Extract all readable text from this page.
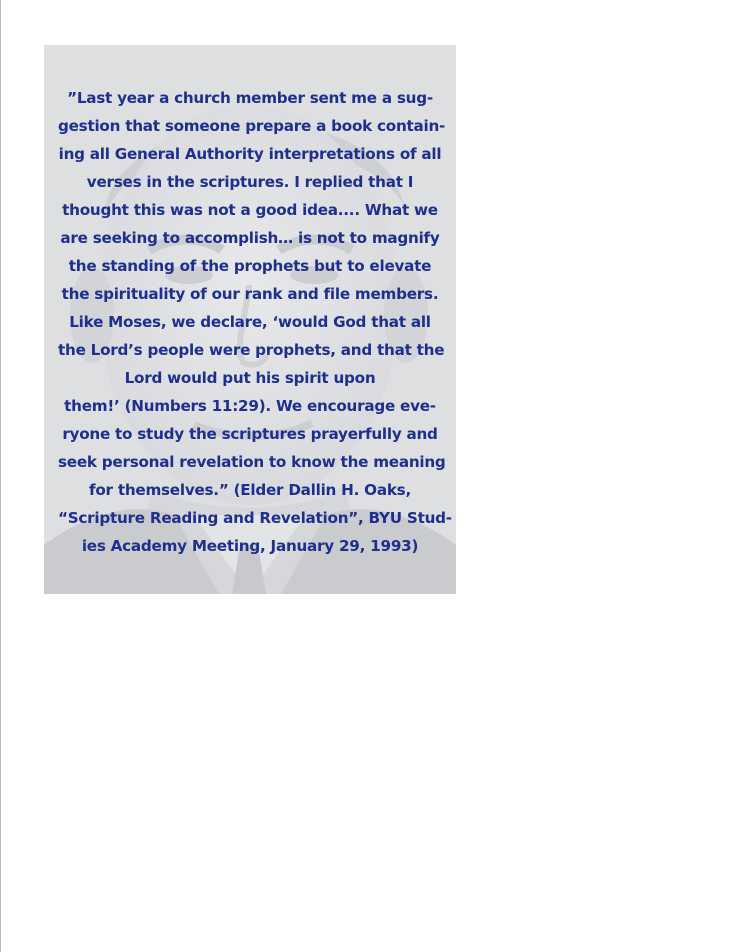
”Last year a church member sent me a sug-
gestion that someone prepare a book contain-
ing all General Authority interpretations of all
verses in the scriptures. I replied that I
thought this was not a good idea.... What we
are seeking to accomplish… is not to magnify
the standing of the prophets but to elevate
the spirituality of our rank and file members.
Like Moses, we declare, ‘would God that all
the Lord’s people were prophets, and that the
Lord would put his spirit upon
them!’ (Numbers 11:29). We encourage eve-
ryone to study the scriptures prayerfully and
seek personal revelation to know the meaning
for themselves.” (Elder Dallin H. Oaks,
“Scripture Reading and Revelation”, BYU Stud-
ies Academy Meeting, January 29, 1993)
